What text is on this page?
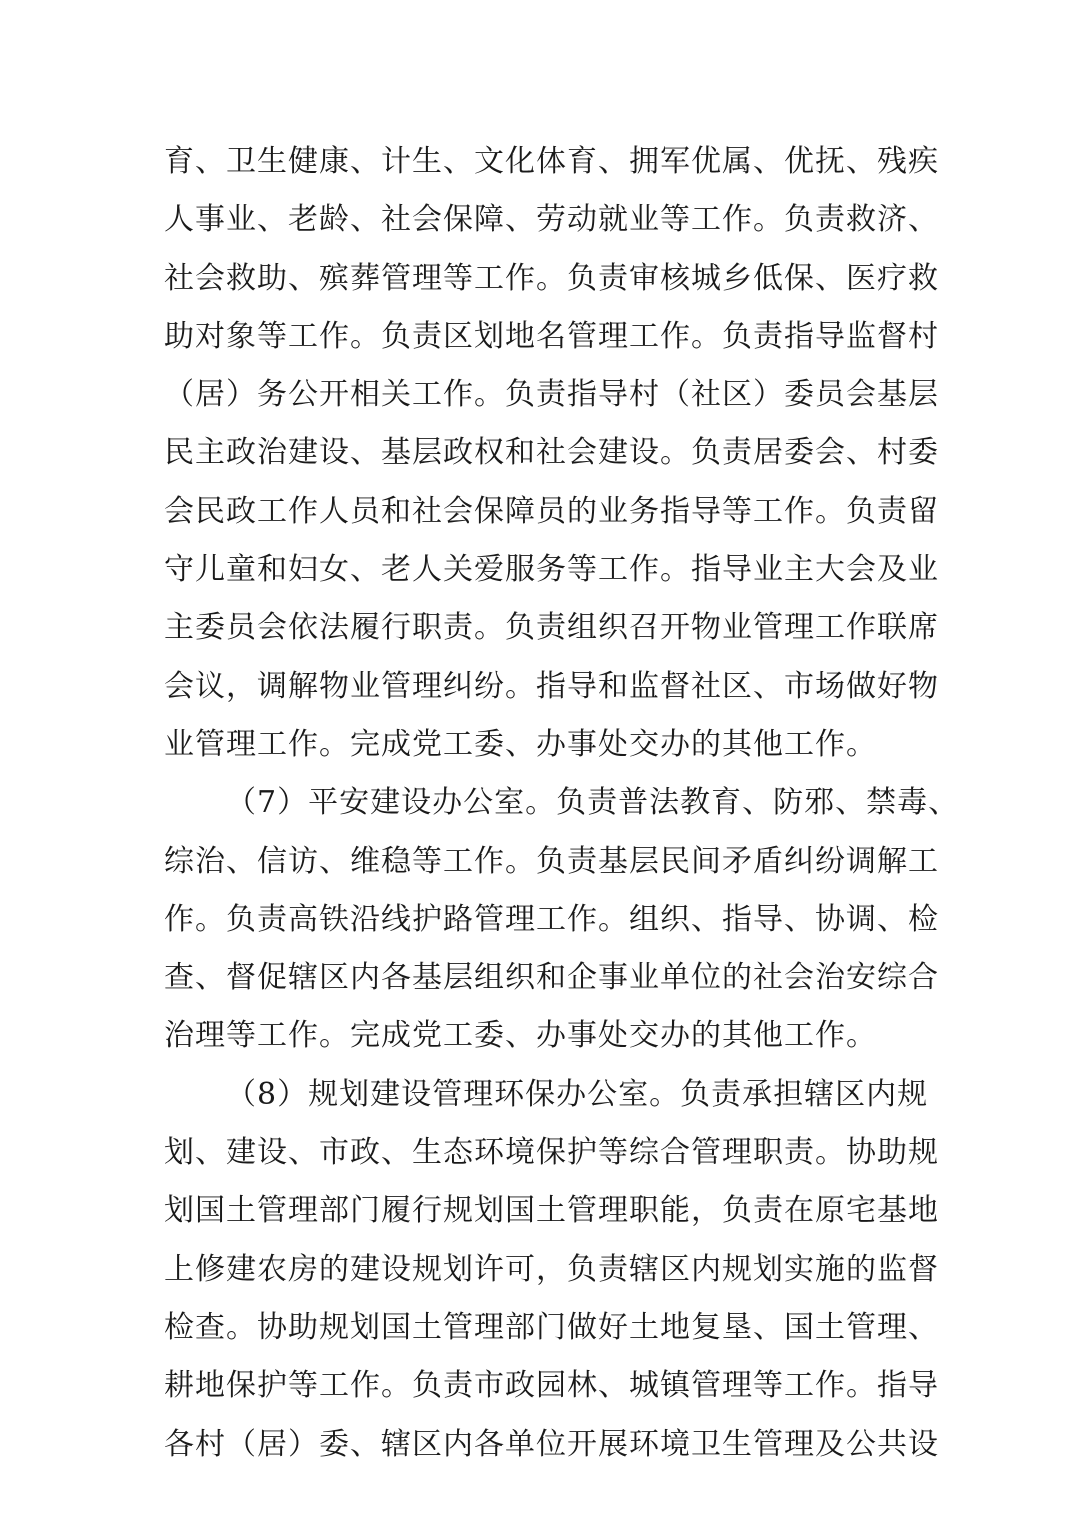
育、卫生健康、计生、文化体育、拥军优属、优抚、残疾
人事业、老龄、社会保障、劳动就业等工作。负责救济、
社会救助、殡葬管理等工作。负责审核城乡低保、医疗救
助对象等工作。负责区划地名管理工作。负责指导监督村
（居）务公开相关工作。负责指导村（社区）委员会基层
民主政治建设、基层政权和社会建设。负责居委会、村委
会民政工作人员和社会保障员的业务指导等工作。负责留
守儿童和妇女、老人关爱服务等工作。指导业主大会及业
主委员会依法履行职责。负责组织召开物业管理工作联席
会议，调解物业管理纠纷。指导和监督社区、市场做好物
业管理工作。完成党工委、办事处交办的其他工作。
（7）平安建设办公室。负责普法教育、防邪、禁毒、
综治、信访、维稳等工作。负责基层民间矛盾纠纷调解工
作。负责高铁沿线护路管理工作。组织、指导、协调、检
查、督促辖区内各基层组织和企事业单位的社会治安综合
治理等工作。完成党工委、办事处交办的其他工作。
（8）规划建设管理环保办公室。负责承担辖区内规
划、建设、市政、生态环境保护等综合管理职责。协助规
划国土管理部门履行规划国土管理职能，负责在原宅基地
上修建农房的建设规划许可，负责辖区内规划实施的监督
检查。协助规划国土管理部门做好土地复垦、国土管理、
耕地保护等工作。负责市政园林、城镇管理等工作。指导
各村（居）委、辖区内各单位开展环境卫生管理及公共设
